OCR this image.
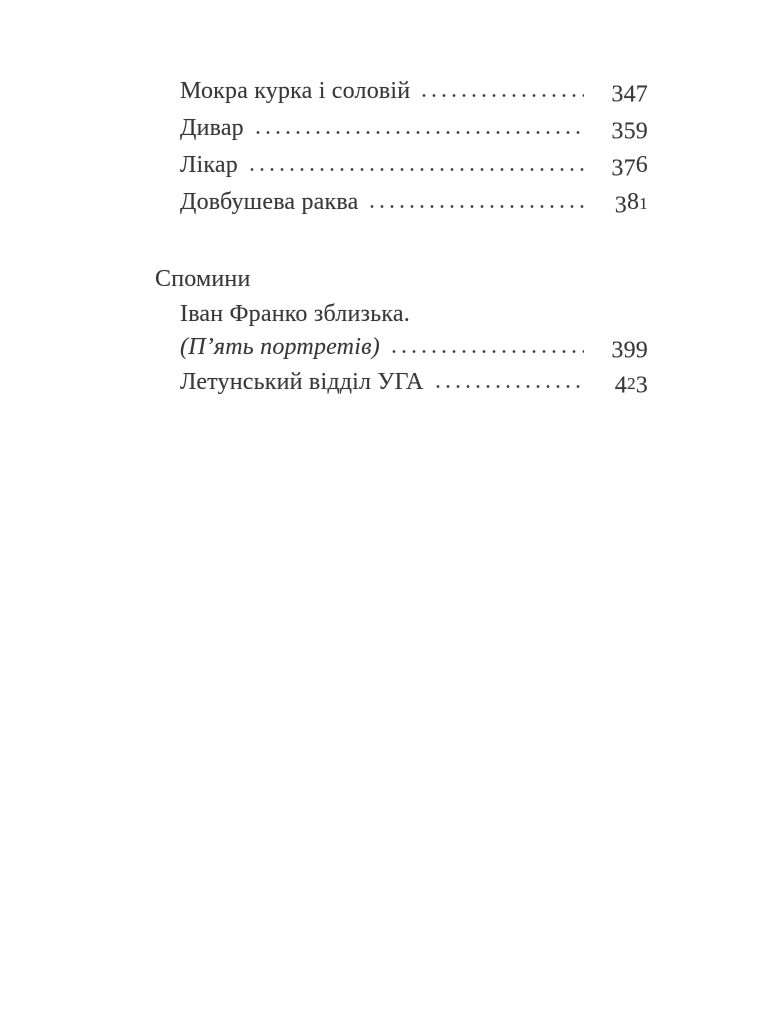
Мокра курка і соловій	347
Дивар	359
Лікар	376
Довбушева раква	381
Спомини
Іван Франко зблизька.
(П’ять портретів)	399
Летунський відділ УГА	423
